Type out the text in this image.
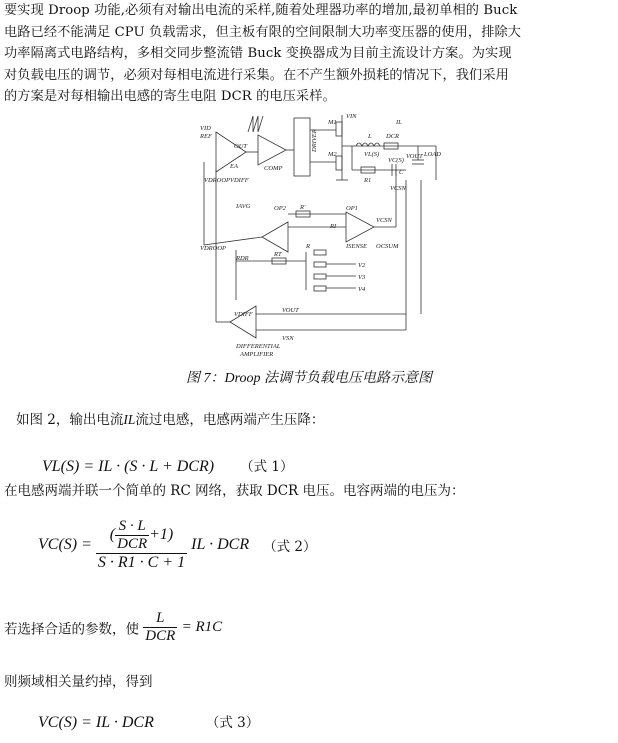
要实现 Droop 功能,必须有对输出电流的采样,随着处理器功率的增加,最初单相的 Buck
电路已经不能满足 CPU 负载需求，但主板有限的空间限制大功率变压器的使用，排除大
功率隔离式电路结构，多相交同步整流错 Buck 变换器成为目前主流设计方案。为实现
对负载电压的调节，必须对每相电流进行采集。在不产生额外损耗的情况下，我们采用
的方案是对每相输出电感的寄生电阻 DCR 的电压采样。
VID
REF
EA
VDROOP VDIFF
COMP
DRIVER
VIN
M1
M2
IL
L DCR
VL(S)
R1
VC(S)
C
VCSN
VOUT LOAD
IAVG	OP2 R'	OP1
RI
ISENSE
VCSN
OCSUM
VDROOP
RDR
RT
R
V2
V3
V4
VDIFF
VOUT
VSN
DIFFERENTIAL
AMPLIFIER
OUT
图 7：Droop 法调节负载电压电路示意图
如图 2，输出电流IL流过电感，电感两端产生压降：
VL(S) = IL · (S · L + DCR) （式 1）
在电感两端并联一个简单的 RC 网络，获取 DCR 电压。电容两端的电压为：
$VC(S) = \frac{( \frac{S \cdot L}{\text{DCR}} +1)}{S \cdot R1 \cdot C + 1}$ IL · DCR （式 2）
若选择合适的参数，使 $\frac{L}{\text{DCR}} = R1C$
则频域相关量约掉，得到
VC(S) = IL · DCR	（式 3）
